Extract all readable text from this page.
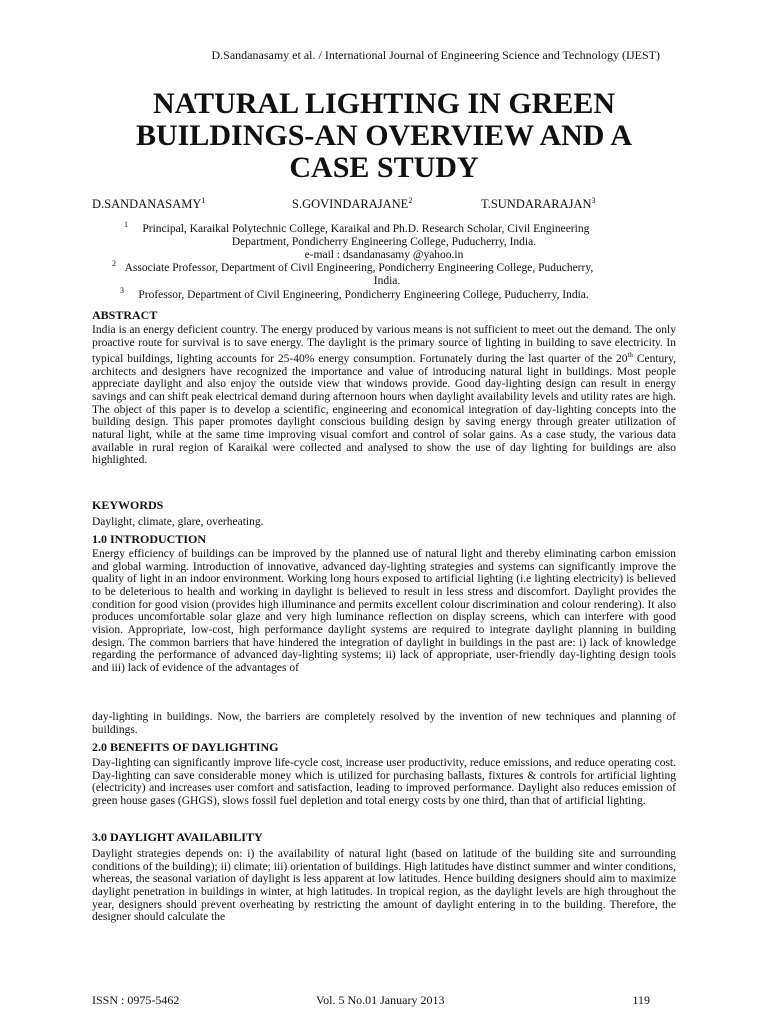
D.Sandanasamy et al. / International Journal of Engineering Science and Technology (IJEST)
NATURAL LIGHTING IN GREEN
BUILDINGS-AN OVERVIEW AND A
CASE STUDY
D.SANDANASAMY$^1$	S.GOVINDARAJANE$^2$	T.SUNDARARAJAN$^3$
$^1$ Principal, Karaikal Polytechnic College, Karaikal and Ph.D. Research Scholar, Civil Engineering
Department, Pondicherry Engineering College, Puducherry, India.
e-mail : dsandanasamy @yahoo.in
$^2$ Associate Professor, Department of Civil Engineering, Pondicherry Engineering College, Puducherry,
India.
$^3$ Professor, Department of Civil Engineering, Pondicherry Engineering College, Puducherry, India.
ABSTRACT

India is an energy deficient country. The energy produced by various means is not sufficient to meet out the demand. The only proactive route for survival is to save energy. The daylight is the primary source of lighting in building to save electricity. In typical buildings, lighting accounts for 25-40% energy consumption. Fortunately during the last quarter of the 20th Century, architects and designers have recognized the importance and value of introducing natural light in buildings. Most people appreciate daylight and also enjoy the outside view that windows provide. Good day-lighting design can result in energy savings and can shift peak electrical demand during afternoon hours when daylight availability levels and utility rates are high. The object of this paper is to develop a scientific, engineering and economical integration of day-lighting concepts into the building design. This paper promotes daylight conscious building design by saving energy through greater utilization of natural light, while at the same time improving visual comfort and control of solar gains. As a case study, the various data available in rural region of Karaikal were collected and analysed to show the use of day lighting for buildings are also highlighted.

KEYWORDS

Daylight, climate, glare, overheating.

1.0 INTRODUCTION

Energy efficiency of buildings can be improved by the planned use of natural light and thereby eliminating carbon emission and global warming. Introduction of innovative, advanced day-lighting strategies and systems can significantly improve the quality of light in an indoor environment. Working long hours exposed to artificial lighting (i.e lighting electricity) is believed to be deleterious to health and working in daylight is believed to result in less stress and discomfort. Daylight provides the condition for good vision (provides high illuminance and permits excellent colour discrimination and colour rendering). It also produces uncomfortable solar glaze and very high luminance reflection on display screens, which can interfere with good vision. Appropriate, low-cost, high performance daylight systems are required to integrate daylight planning in building design. The common barriers that have hindered the integration of daylight in buildings in the past are: i) lack of knowledge regarding the performance of advanced day-lighting systems; ii) lack of appropriate, user-friendly day-lighting design tools and iii) lack of evidence of the advantages of

day-lighting in buildings. Now, the barriers are completely resolved by the invention of new techniques and planning of buildings.

2.0 BENEFITS OF DAYLIGHTING

Day-lighting can significantly improve life-cycle cost, increase user productivity, reduce emissions, and reduce operating cost. Day-lighting can save considerable money which is utilized for purchasing ballasts, fixtures & controls for artificial lighting (electricity) and increases user comfort and satisfaction, leading to improved performance. Daylight also reduces emission of green house gases (GHGS), slows fossil fuel depletion and total energy costs by one third, than that of artificial lighting.

3.0 DAYLIGHT AVAILABILITY

Daylight strategies depends on: i) the availability of natural light (based on latitude of the building site and surrounding conditions of the building); ii) climate; iii) orientation of buildings. High latitudes have distinct summer and winter conditions, whereas, the seasonal variation of daylight is less apparent at low latitudes. Hence building designers should aim to maximize daylight penetration in buildings in winter, at high latitudes. In tropical region, as the daylight levels are high throughout the year, designers should prevent overheating by restricting the amount of daylight entering in to the building. Therefore, the designer should calculate the

ISSN : 0975-5462	Vol. 5 No.01 January 2013	119
